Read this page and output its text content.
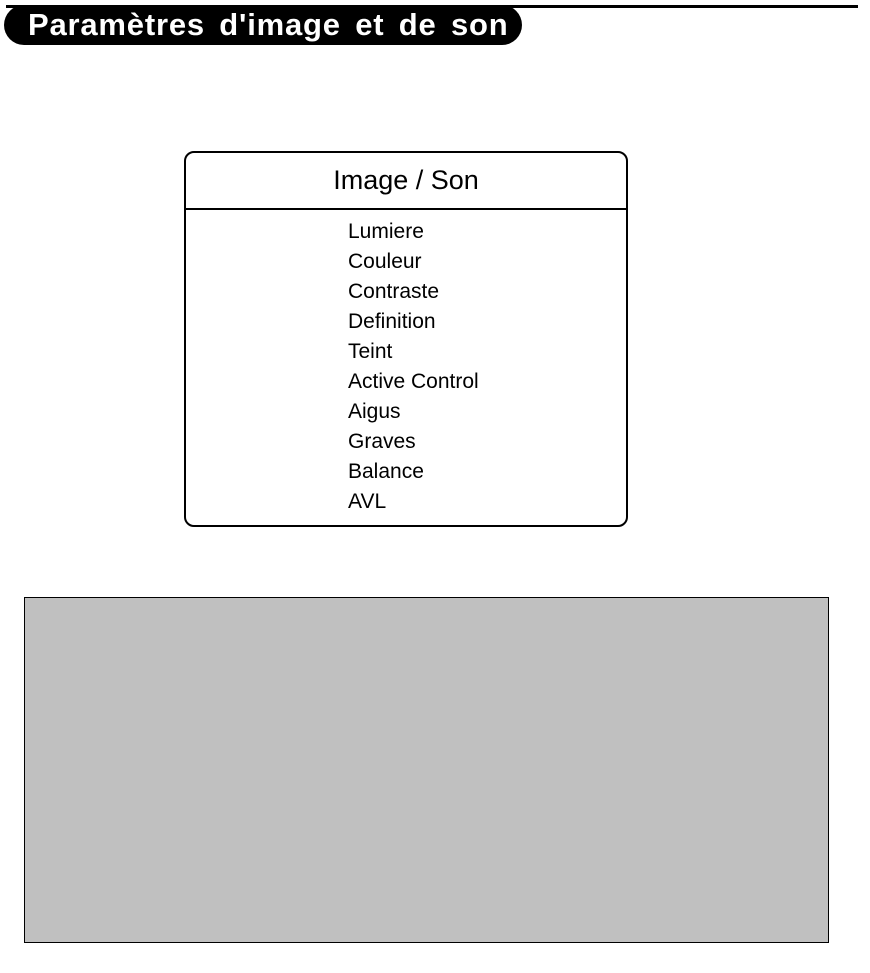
Paramètres d'image et de son
Image / Son
Lumiere
Couleur
Contraste
Definition
Teint
Active Control
Aigus
Graves
Balance
AVL
